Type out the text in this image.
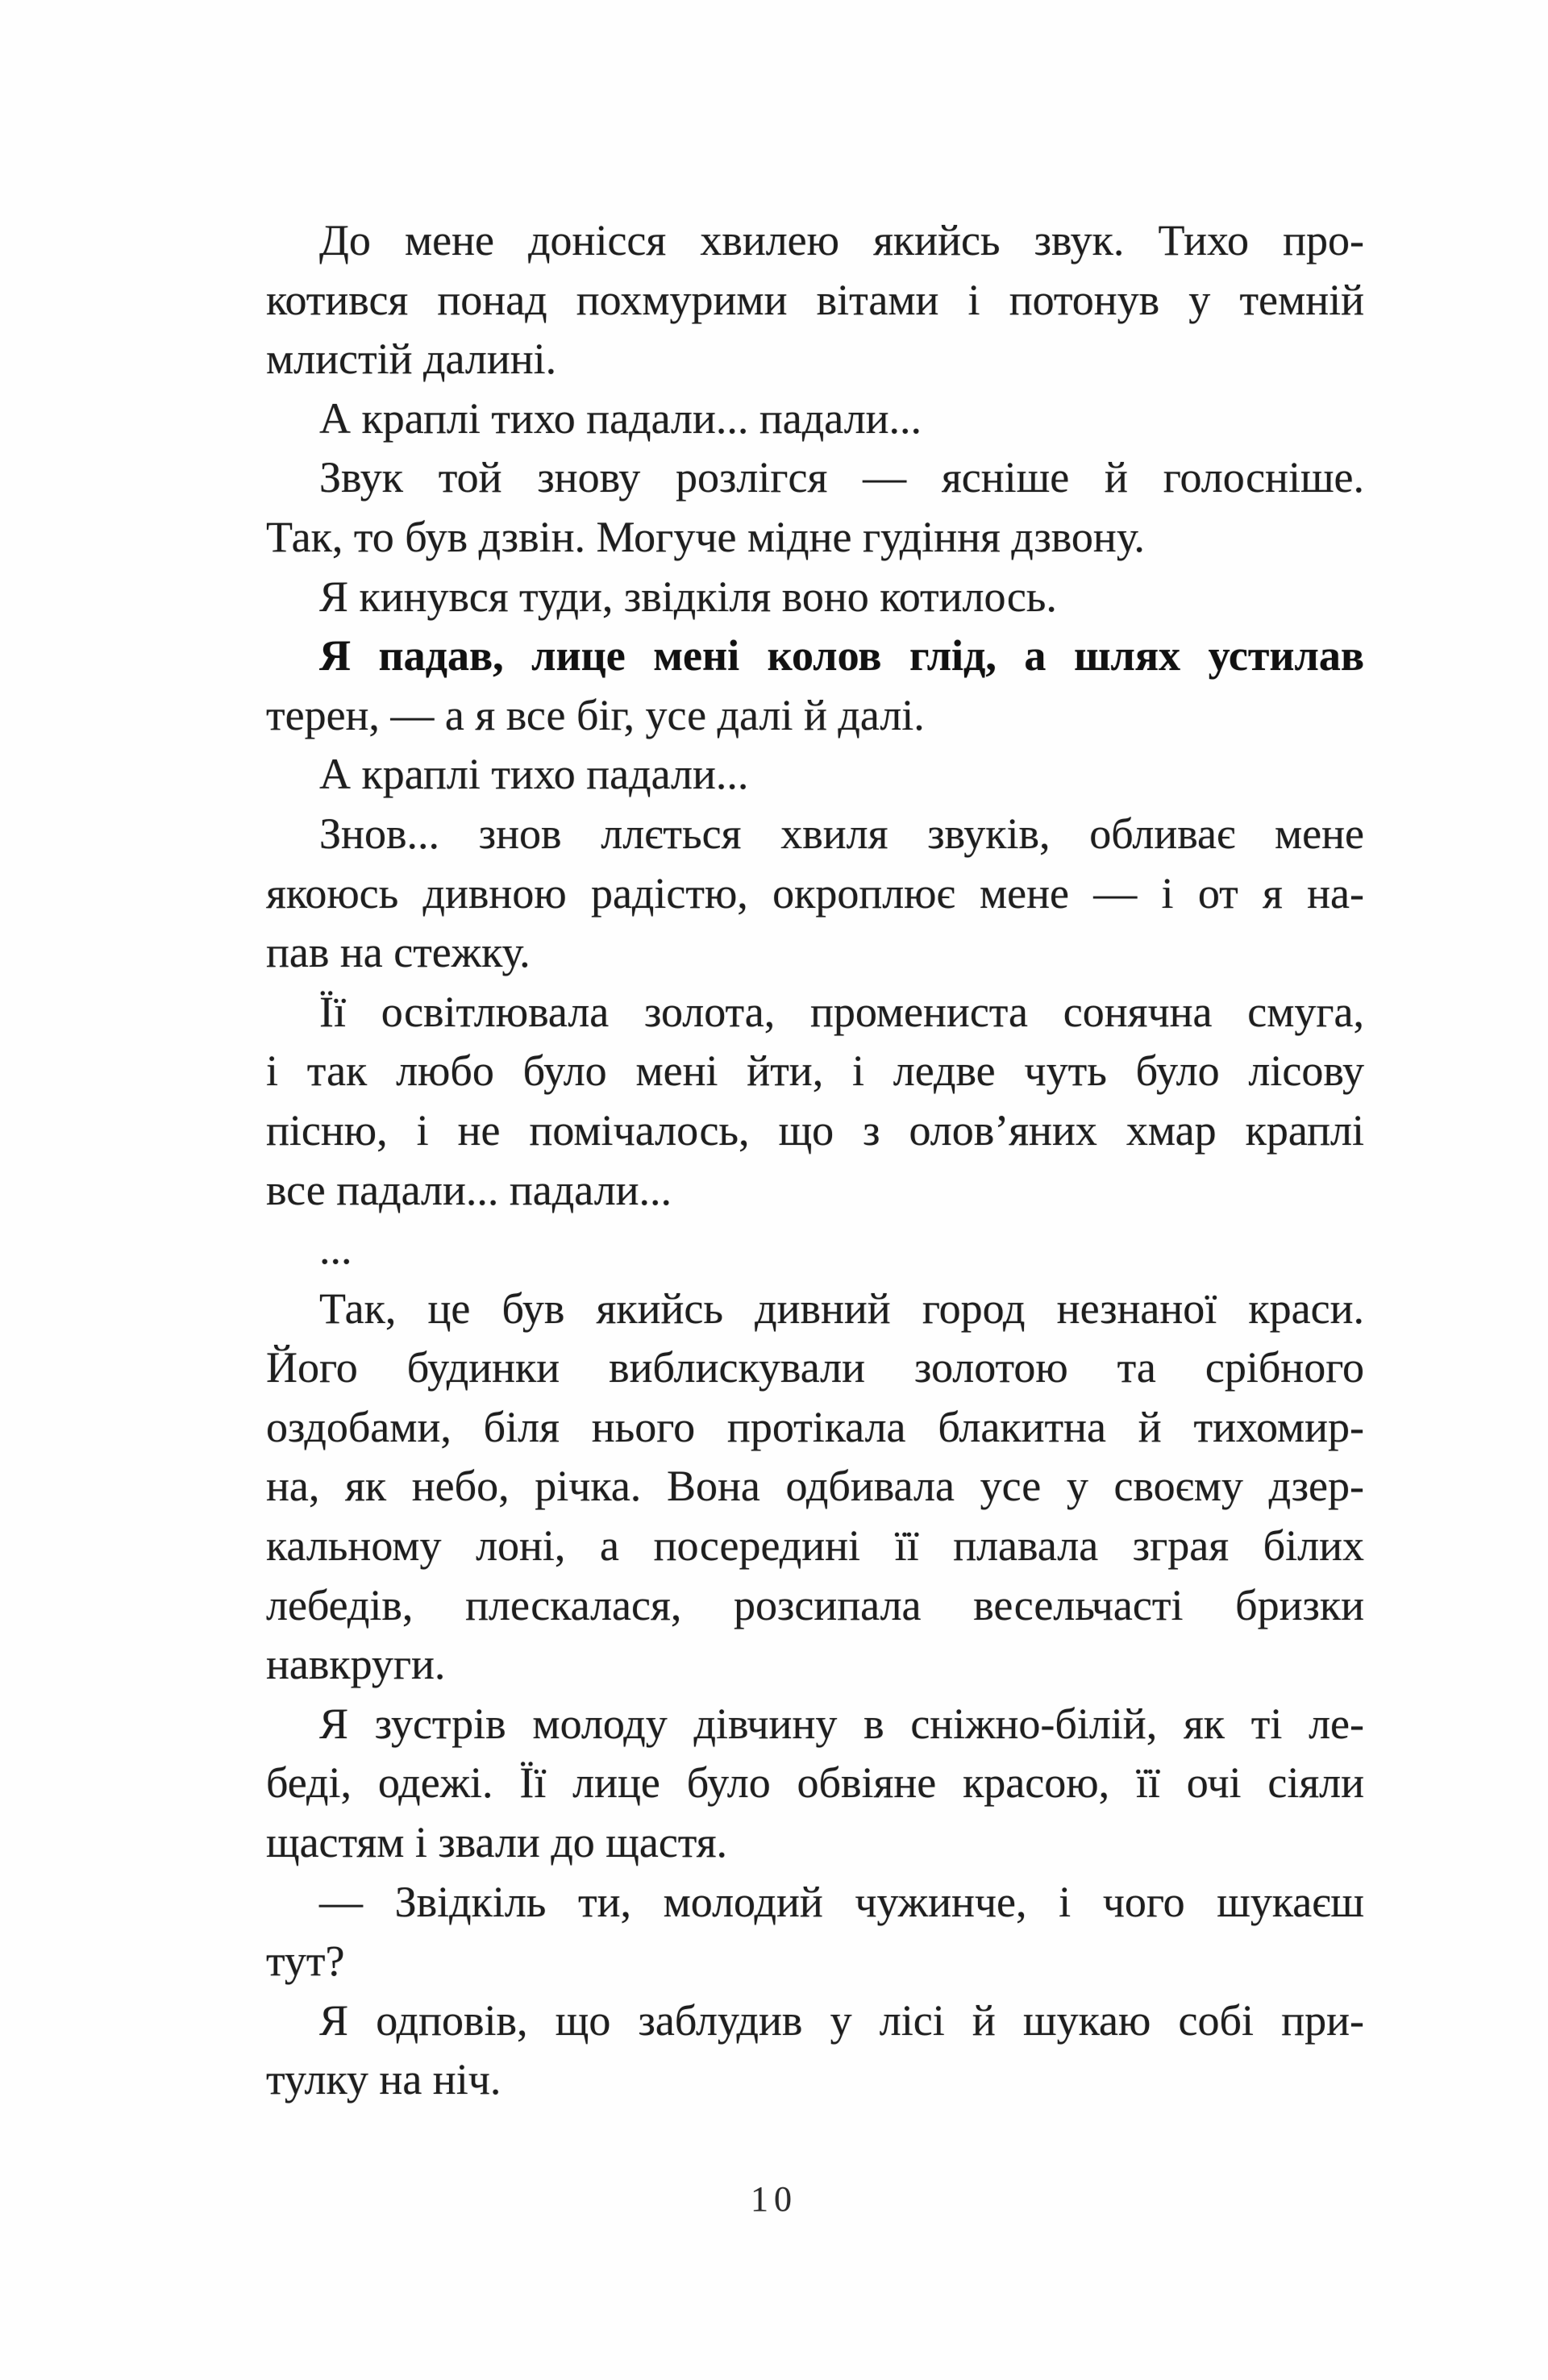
До мене донісся хвилею якийсь звук. Тихо про-
котився понад похмурими вітами і потонув у темній
млистій далині.
А краплі тихо падали... падали...
Звук той знову розлігся — ясніше й голосніше.
Так, то був дзвін. Могуче мідне гудіння дзвону.
Я кинувся туди, звідкіля воно котилось.
Я падав, лице мені колов глід, а шлях устилав
терен, — а я все біг, усе далі й далі.
А краплі тихо падали...
Знов... знов ллється хвиля звуків, обливає мене
якоюсь дивною радістю, окроплює мене — і от я на-
пав на стежку.
Її освітлювала золота, промениста сонячна смуга,
і так любо було мені йти, і ледве чуть було лісову
пісню, і не помічалось, що з олов’яних хмар краплі
все падали... падали...
...
Так, це був якийсь дивний город незнаної краси.
Його будинки виблискували золотою та срібного
оздобами, біля нього протікала блакитна й тихомир-
на, як небо, річка. Вона одбивала усе у своєму дзер-
кальному лоні, а посередині її плавала зграя білих
лебедів, плескалася, розсипала весельчасті бризки
навкруги.
Я зустрів молоду дівчину в сніжно-білій, як ті ле-
беді, одежі. Її лице було обвіяне красою, її очі сіяли
щастям і звали до щастя.
— Звідкіль ти, молодий чужинче, і чого шукаєш
тут?
Я одповів, що заблудив у лісі й шукаю собі при-
тулку на ніч.
10
